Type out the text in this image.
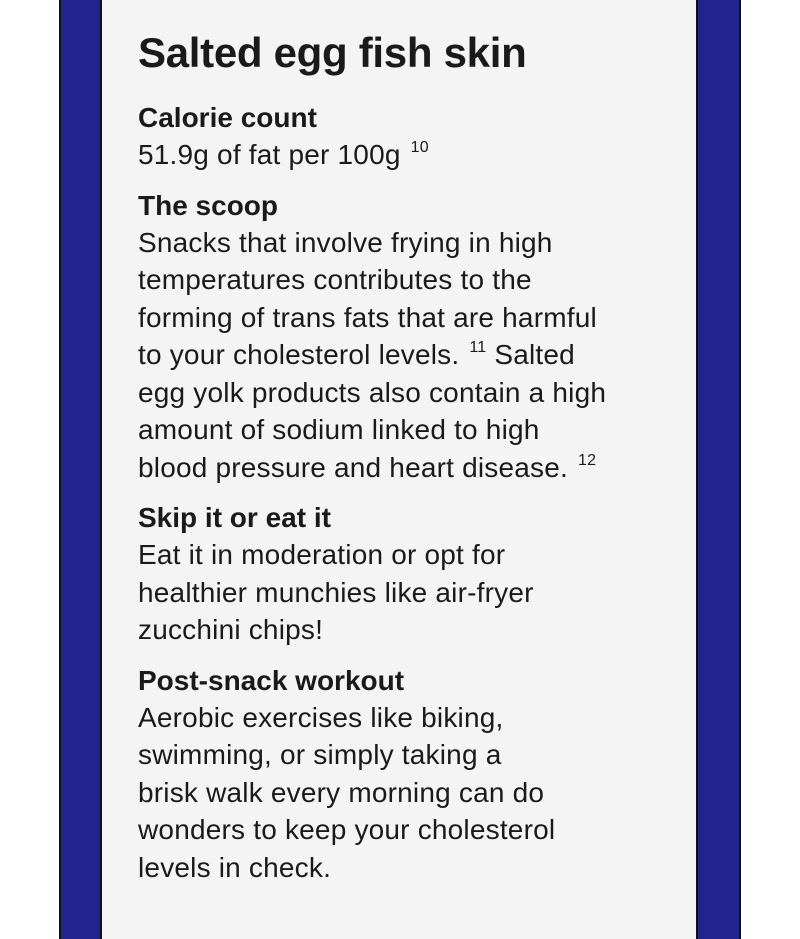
Salted egg fish skin

Calorie count

51.9g of fat per 100g $^{10}$

The scoop

Snacks that involve frying in high
temperatures contributes to the
forming of trans fats that are harmful
to your cholesterol levels. $^{11}$ Salted
egg yolk products also contain a high
amount of sodium linked to high
blood pressure and heart disease. $^{12}$

Skip it or eat it

Eat it in moderation or opt for
healthier munchies like air-fryer
zucchini chips!

Post-snack workout

Aerobic exercises like biking,
swimming, or simply taking a
brisk walk every morning can do
wonders to keep your cholesterol
levels in check.
